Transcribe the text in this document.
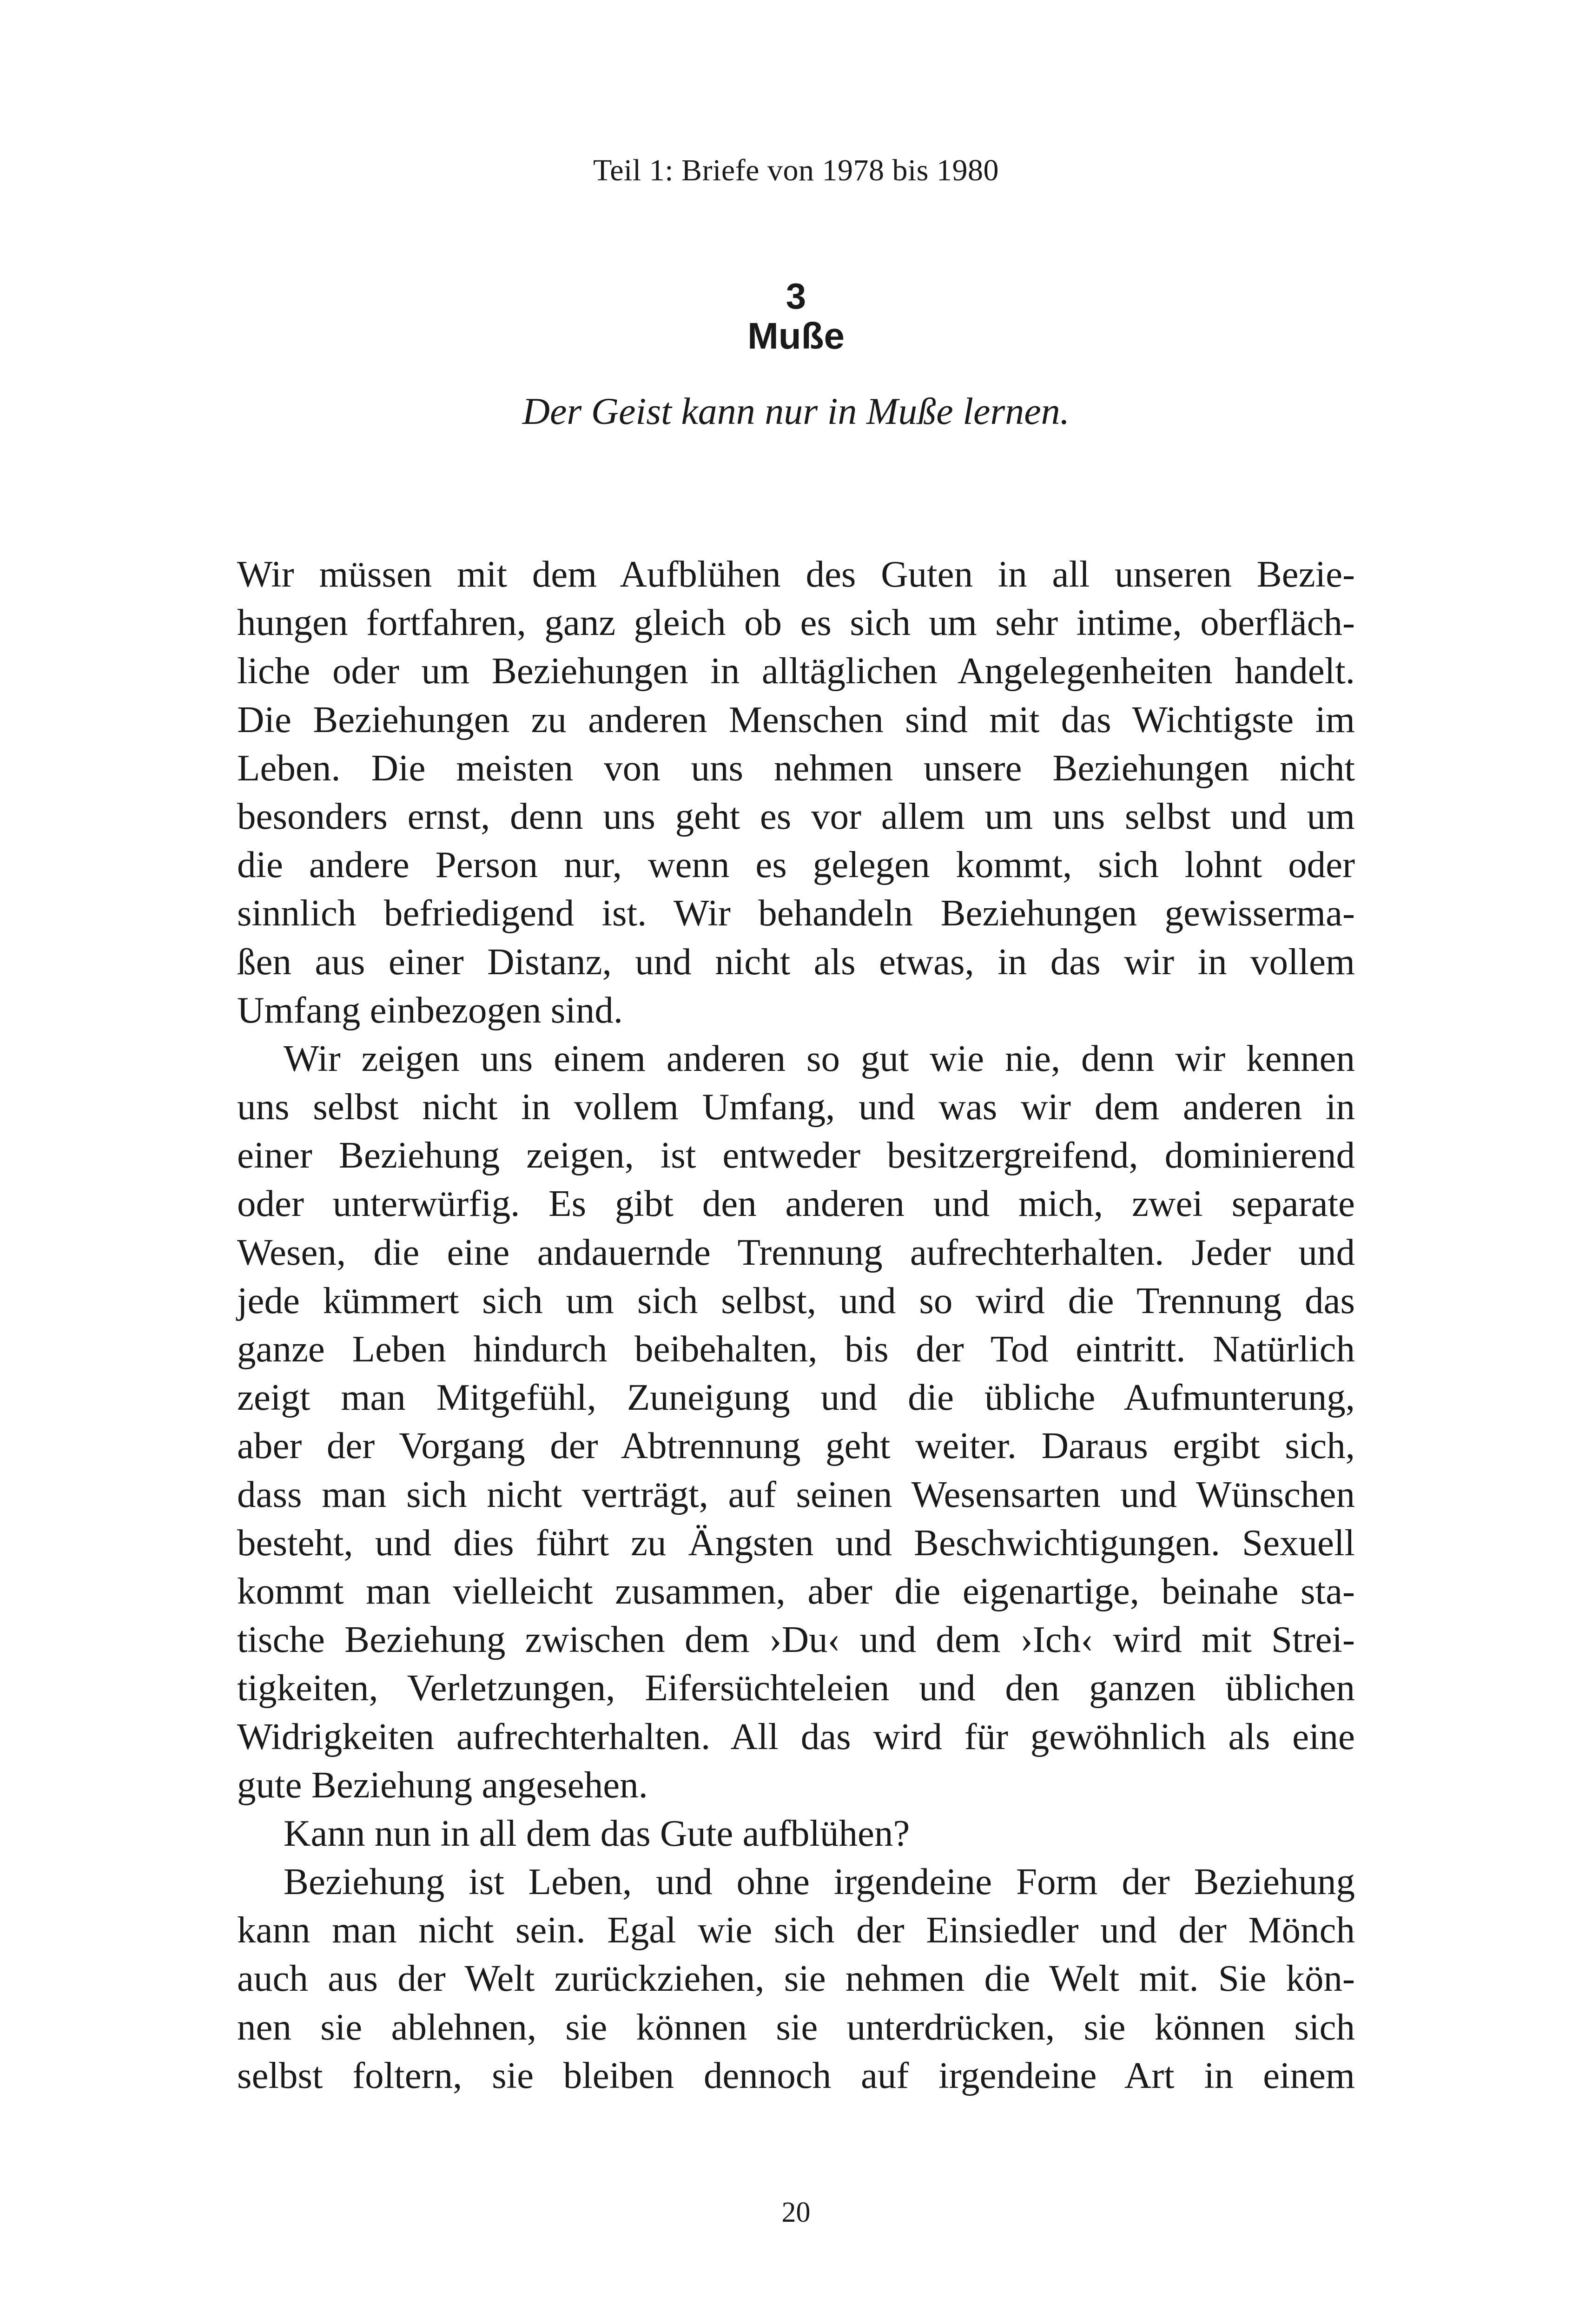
Teil 1: Briefe von 1978 bis 1980
3
Muße
Der Geist kann nur in Muße lernen.

Wir müssen mit dem Aufblühen des Guten in all unseren Bezie-
hungen fortfahren, ganz gleich ob es sich um sehr intime, oberfläch-
liche oder um Beziehungen in alltäglichen Angelegenheiten handelt.
Die Beziehungen zu anderen Menschen sind mit das Wichtigste im
Leben. Die meisten von uns nehmen unsere Beziehungen nicht
besonders ernst, denn uns geht es vor allem um uns selbst und um
die andere Person nur, wenn es gelegen kommt, sich lohnt oder
sinnlich befriedigend ist. Wir behandeln Beziehungen gewisserma-
ßen aus einer Distanz, und nicht als etwas, in das wir in vollem
Umfang einbezogen sind.

Wir zeigen uns einem anderen so gut wie nie, denn wir kennen
uns selbst nicht in vollem Umfang, und was wir dem anderen in
einer Beziehung zeigen, ist entweder besitzergreifend, dominierend
oder unterwürfig. Es gibt den anderen und mich, zwei separate
Wesen, die eine andauernde Trennung aufrechterhalten. Jeder und
jede kümmert sich um sich selbst, und so wird die Trennung das
ganze Leben hindurch beibehalten, bis der Tod eintritt. Natürlich
zeigt man Mitgefühl, Zuneigung und die übliche Aufmunterung,
aber der Vorgang der Abtrennung geht weiter. Daraus ergibt sich,
dass man sich nicht verträgt, auf seinen Wesensarten und Wünschen
besteht, und dies führt zu Ängsten und Beschwichtigungen. Sexuell
kommt man vielleicht zusammen, aber die eigenartige, beinahe sta-
tische Beziehung zwischen dem ›Du‹ und dem ›Ich‹ wird mit Strei-
tigkeiten, Verletzungen, Eifersüchteleien und den ganzen üblichen
Widrigkeiten aufrechterhalten. All das wird für gewöhnlich als eine
gute Beziehung angesehen.

Kann nun in all dem das Gute aufblühen?

Beziehung ist Leben, und ohne irgendeine Form der Beziehung
kann man nicht sein. Egal wie sich der Einsiedler und der Mönch
auch aus der Welt zurückziehen, sie nehmen die Welt mit. Sie kön-
nen sie ablehnen, sie können sie unterdrücken, sie können sich
selbst foltern, sie bleiben dennoch auf irgendeine Art in einem

20
